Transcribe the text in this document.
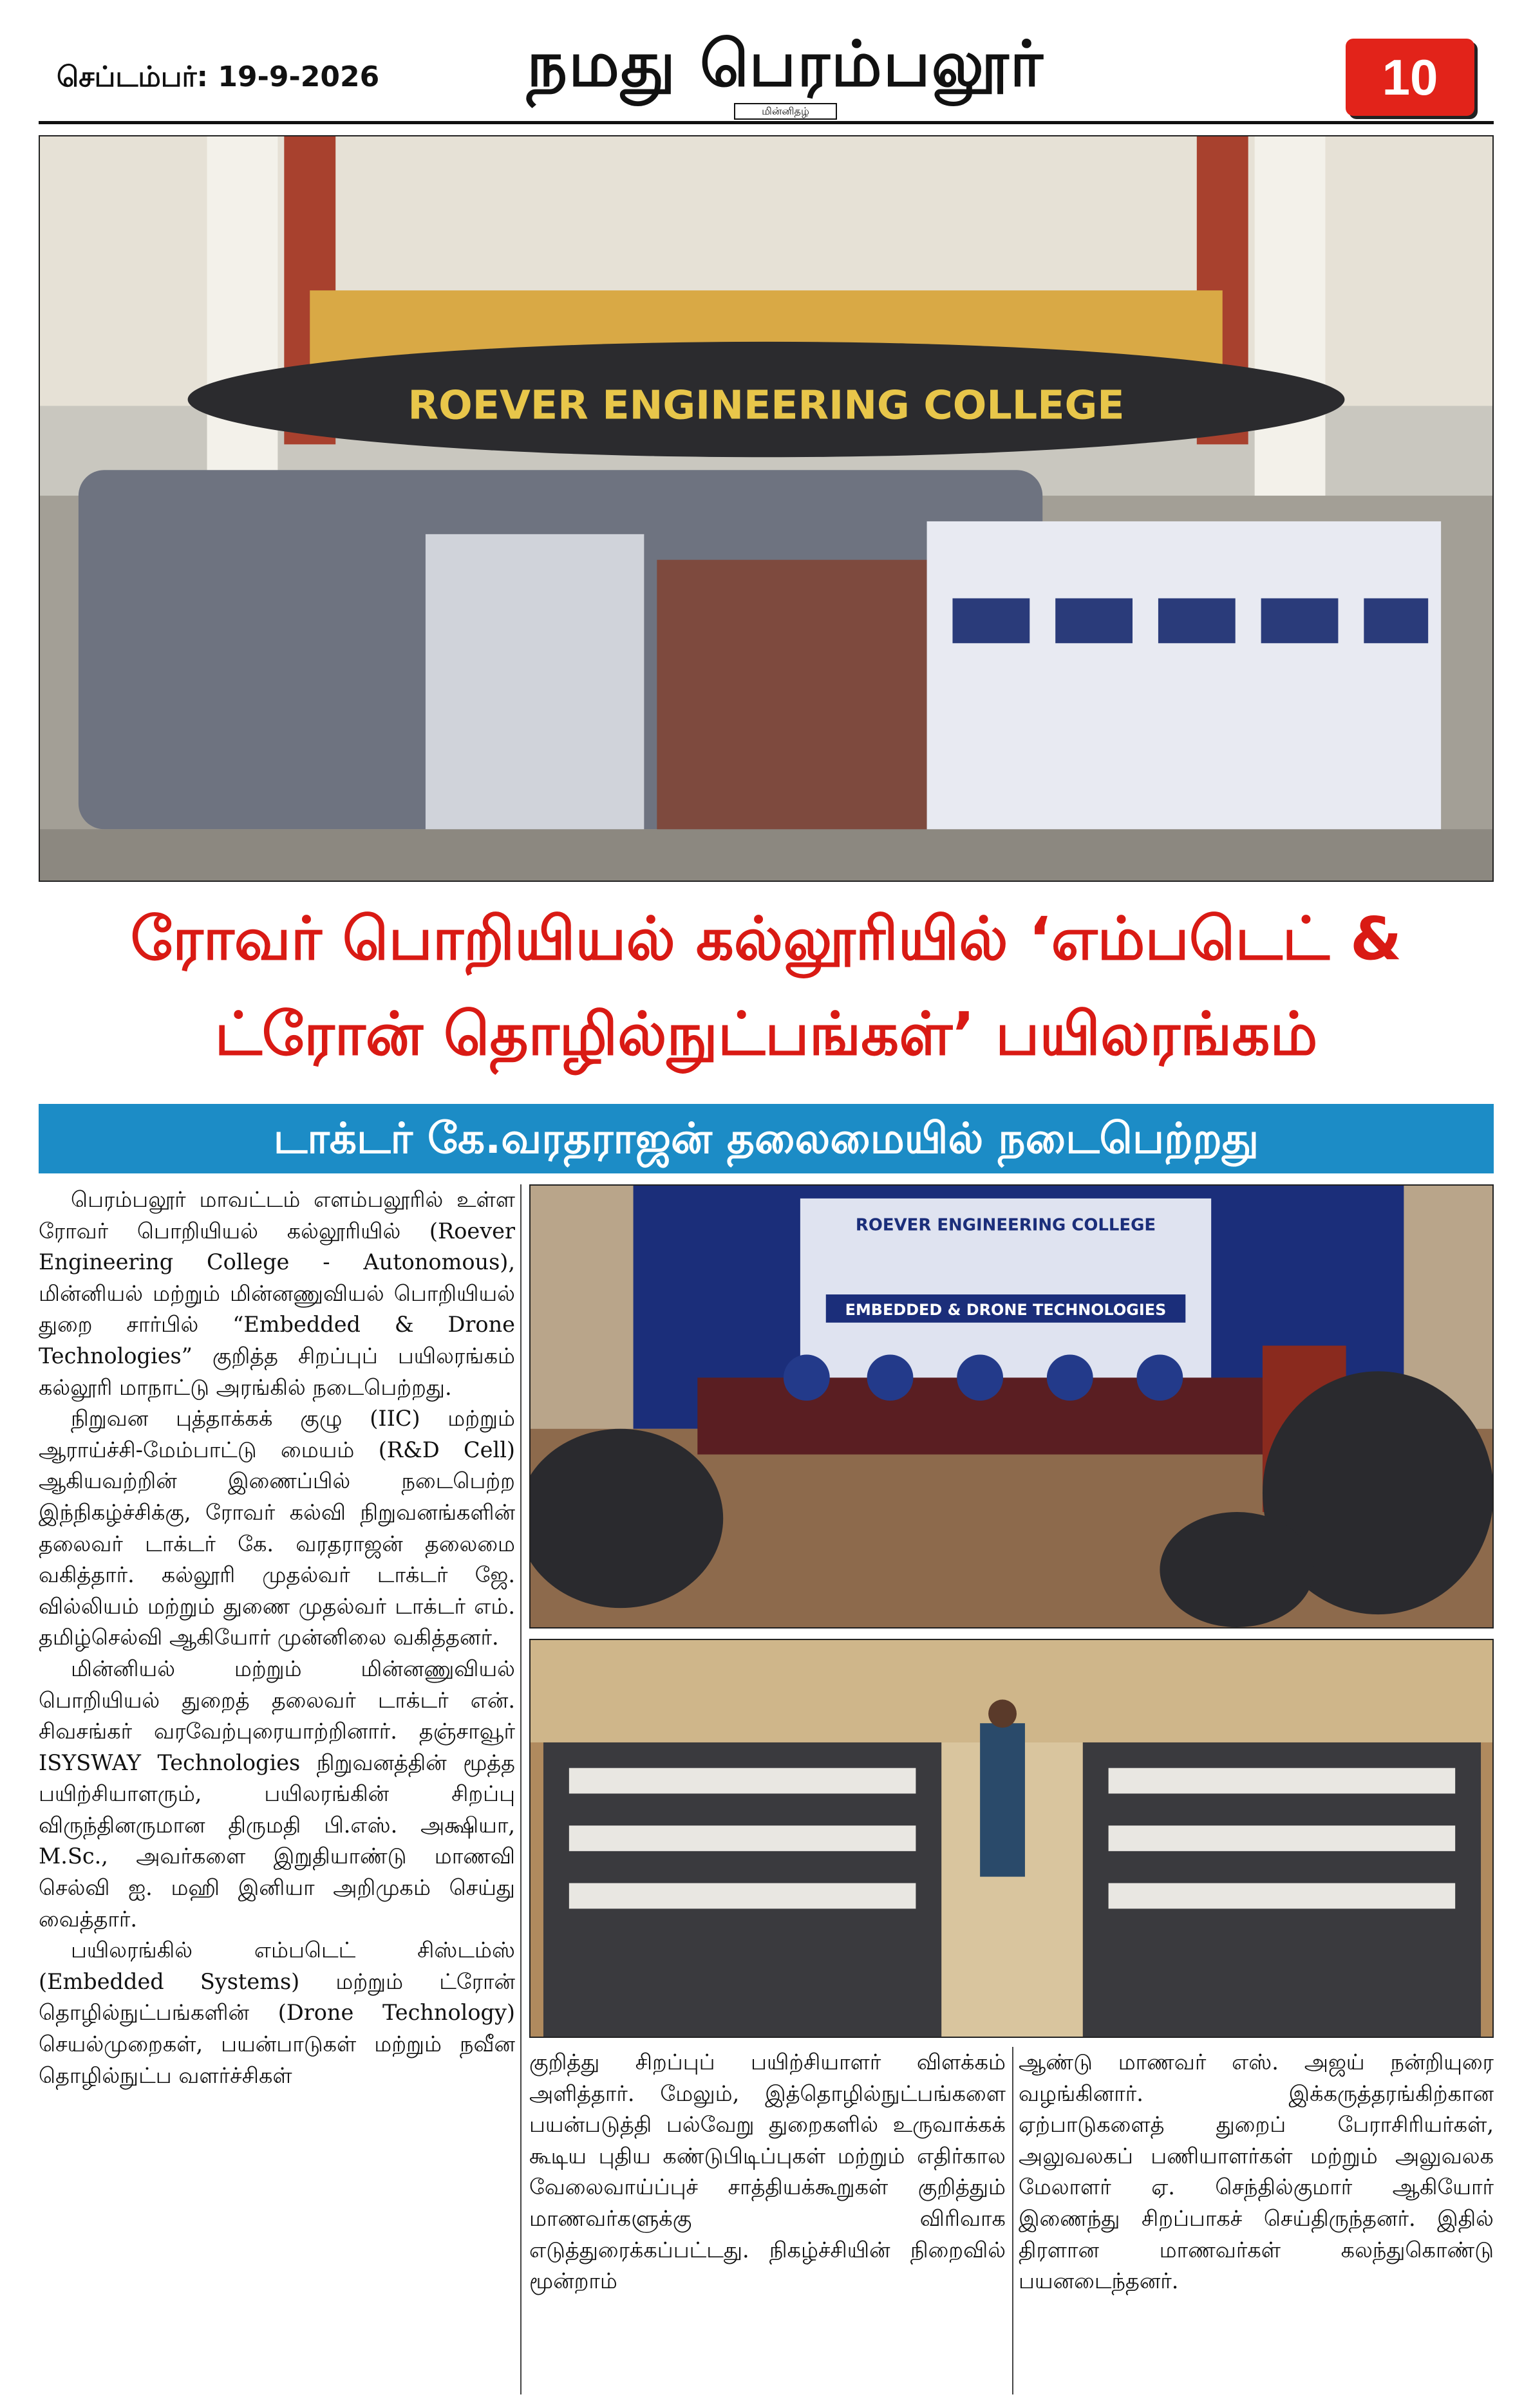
செப்டம்பர்: 19-9-2026	நமது பெரம்பலூர்
மின்னிதழ்
10
ROEVER ENGINEERING COLLEGE
ரோவர் பொறியியல் கல்லூரியில் ‘எம்படெட் &
ட்ரோன் தொழில்நுட்பங்கள்’ பயிலரங்கம்
டாக்டர் கே.வரதராஜன் தலைமையில் நடைபெற்றது

பெரம்பலூர் மாவட்டம் எளம்பலூரில் உள்ள ரோவர் பொறியியல் கல்லூரியில் (Roever Engineering College - Autonomous), மின்னியல் மற்றும் மின்னணுவியல் பொறியியல் துறை சார்பில் “Embedded & Drone Technologies” குறித்த சிறப்புப் பயிலரங்கம் கல்லூரி மாநாட்டு அரங்கில் நடைபெற்றது.

நிறுவன புத்தாக்கக் குழு (IIC) மற்றும் ஆராய்ச்சி-மேம்பாட்டு மையம் (R&D Cell) ஆகியவற்றின் இணைப்பில் நடைபெற்ற இந்நிகழ்ச்சிக்கு, ரோவர் கல்வி நிறுவனங்களின் தலைவர் டாக்டர் கே. வரதராஜன் தலைமை வகித்தார். கல்லூரி முதல்வர் டாக்டர் ஜே. வில்லியம் மற்றும் துணை முதல்வர் டாக்டர் எம். தமிழ்செல்வி ஆகியோர் முன்னிலை வகித்தனர்.

மின்னியல் மற்றும் மின்னணுவியல் பொறியியல் துறைத் தலைவர் டாக்டர் என். சிவசங்கர் வரவேற்புரையாற்றினார். தஞ்சாவூர் ISYSWAY Technologies நிறுவனத்தின் மூத்த பயிற்சியாளரும், பயிலரங்கின் சிறப்பு விருந்தினருமான திருமதி பி.எஸ். அக்ஷியா, M.Sc., அவர்களை இறுதியாண்டு மாணவி செல்வி ஐ. மஹி இனியா அறிமுகம் செய்து வைத்தார்.

பயிலரங்கில் எம்படெட் சிஸ்டம்ஸ் (Embedded Systems) மற்றும் ட்ரோன் தொழில்நுட்பங்களின் (Drone Technology) செயல்முறைகள், பயன்பாடுகள் மற்றும் நவீன தொழில்நுட்ப வளர்ச்சிகள்

ROEVER ENGINEERING COLLEGE
EMBEDDED & DRONE TECHNOLOGIES

குறித்து சிறப்புப் பயிற்சியாளர் விளக்கம் அளித்தார். மேலும், இத்தொழில்நுட்பங்களை பயன்படுத்தி பல்வேறு துறைகளில் உருவாக்கக் கூடிய புதிய கண்டுபிடிப்புகள் மற்றும் எதிர்கால வேலைவாய்ப்புச் சாத்தியக்கூறுகள் குறித்தும் மாணவர்களுக்கு விரிவாக எடுத்துரைக்கப்பட்டது. நிகழ்ச்சியின் நிறைவில் மூன்றாம்

ஆண்டு மாணவர் எஸ். அஜய் நன்றியுரை வழங்கினார். இக்கருத்தரங்கிற்கான ஏற்பாடுகளைத் துறைப் பேராசிரியர்கள், அலுவலகப் பணியாளர்கள் மற்றும் அலுவலக மேலாளர் ஏ. செந்தில்குமார் ஆகியோர் இணைந்து சிறப்பாகச் செய்திருந்தனர். இதில் திரளான மாணவர்கள் கலந்துகொண்டு பயனடைந்தனர்.
